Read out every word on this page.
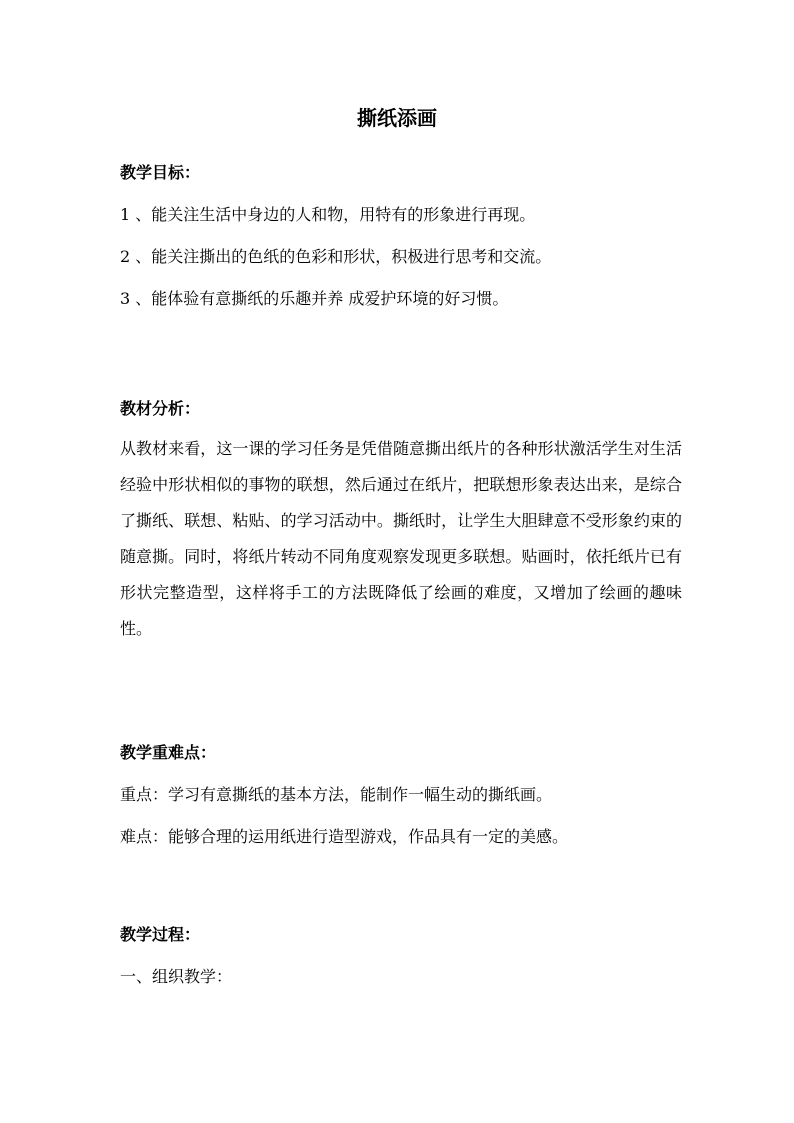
撕纸添画
教学目标：
1 、能关注生活中身边的人和物，用特有的形象进行再现。
2 、能关注撕出的色纸的色彩和形状，积极进行思考和交流。
3 、能体验有意撕纸的乐趣并养 成爱护环境的好习惯。
教材分析：
从教材来看，这一课的学习任务是凭借随意撕出纸片的各种形状激活学生对生活经验中形状相似的事物的联想，然后通过在纸片，把联想形象表达出来，是综合了撕纸、联想、粘贴、的学习活动中。撕纸时，让学生大胆肆意不受形象约束的随意撕。同时，将纸片转动不同角度观察发现更多联想。贴画时，依托纸片已有形状完整造型，这样将手工的方法既降低了绘画的难度，又增加了绘画的趣味性。
教学重难点：
重点：学习有意撕纸的基本方法，能制作一幅生动的撕纸画。
难点：能够合理的运用纸进行造型游戏，作品具有一定的美感。
教学过程：
一、组织教学：
